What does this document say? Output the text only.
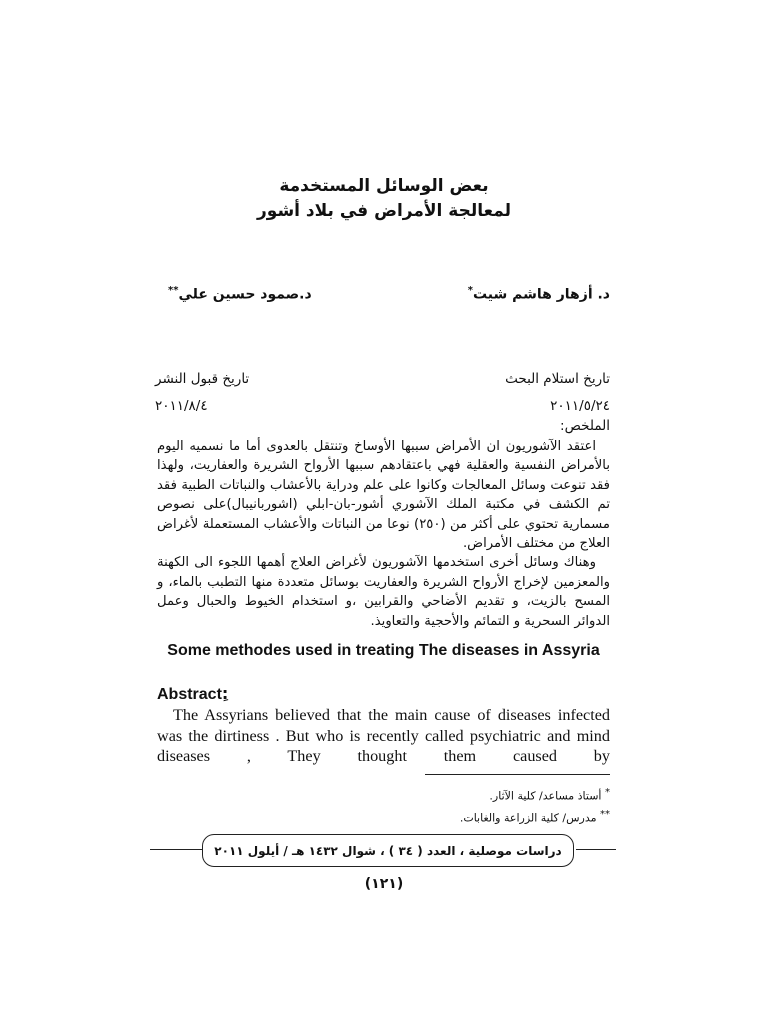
بعض الوسائل المستخدمة
لمعالجة الأمراض في بلاد أشور
د. أزهار هاشم شيت*
د.صمود حسين علي**
تاريخ استلام البحث
تاريخ قبول النشر
٢٠١١/٥/٢٤
٢٠١١/٨/٤
الملخص:

اعتقد الآشوريون ان الأمراض سببها الأوساخ وتنتقل بالعدوى أما ما نسميه اليوم بالأمراض النفسية والعقلية فهي باعتقادهم سببها الأرواح الشريرة والعفاريت، ولهذا فقد تنوعت وسائل المعالجات وكانوا على علم ودراية بالأعشاب والنباتات الطبية فقد تم الكشف في مكتبة الملك الآشوري أشور-بان-ابلي (اشوربانيبال)على نصوص مسمارية تحتوي على أكثر من (٢٥٠) نوعا من النباتات والأعشاب المستعملة لأغراض العلاج من مختلف الأمراض.

وهناك وسائل أخرى استخدمها الآشوريون لأغراض العلاج أهمها اللجوء الى الكهنة والمعزمين لإخراج الأرواح الشريرة والعفاريت بوسائل متعددة منها التطبب بالماء، و المسح بالزيت، و تقديم الأضاحي والقرابين ،و استخدام الخيوط والحبال وعمل الدوائر السحرية و التمائم والأحجية والتعاويذ.

Some methodes used in treating The diseases in Assyria
Abstract:

The Assyrians believed that the main cause of diseases infected was the dirtiness . But who is recently called psychiatric and mind diseases , They thought them caused by

* أستاذ مساعد/ كلية الآثار.
** مدرس/ كلية الزراعة والغابات.
دراسات موصلية ، العدد ( ٣٤ ) ، شوال ١٤٣٢ هـ / أيلول ٢٠١١
(١٢١)
